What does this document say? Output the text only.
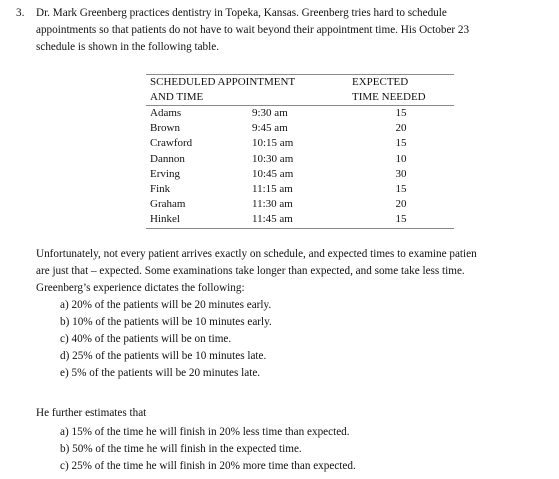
3. Dr. Mark Greenberg practices dentistry in Topeka, Kansas. Greenberg tries hard to schedule
appointments so that patients do not have to wait beyond their appointment time. His October 23
schedule is shown in the following table.
SCHEDULED APPOINTMENT
AND TIME		EXPECTED
TIME NEEDED
Adams	9:30 am	15
Brown	9:45 am	20
Crawford	10:15 am	15
Dannon	10:30 am	10
Erving	10:45 am	30
Fink	11:15 am	15
Graham	11:30 am	20
Hinkel	11:45 am	15
Unfortunately, not every patient arrives exactly on schedule, and expected times to examine patien
are just that – expected. Some examinations take longer than expected, and some take less time.
Greenberg’s experience dictates the following:
a) 20% of the patients will be 20 minutes early.
b) 10% of the patients will be 10 minutes early.
c) 40% of the patients will be on time.
d) 25% of the patients will be 10 minutes late.
e) 5% of the patients will be 20 minutes late.
He further estimates that
a) 15% of the time he will finish in 20% less time than expected.
b) 50% of the time he will finish in the expected time.
c) 25% of the time he will finish in 20% more time than expected.
